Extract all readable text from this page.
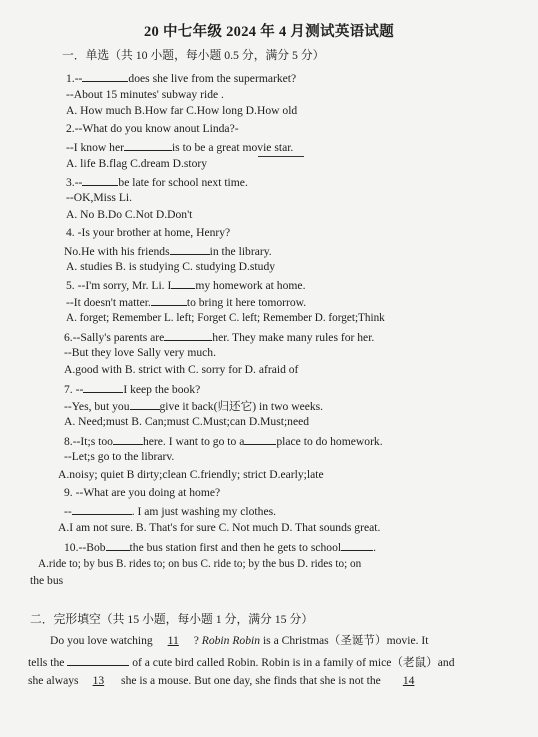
20 中七年级 2024 年 4 月测试英语试题
一．单选（共 10 小题，每小题 0.5 分，满分 5 分）
1.--	does she live from the supermarket?
--About 15 minutes' subway ride .
A. How much B.How far C.How long D.How old
2.--What do you know anout Linda?-
--I know her	is to be a great movie star.
A. life B.flag C.dream D.story
3.--	be late for school next time.
--OK,Miss Li.
A. No B.Do C.Not D.Don't
4. -Is your brother at home, Henry?
No.He with his friends	in the library.
A. studies B. is studying C. studying D.study
5. --I'm sorry, Mr. Li. I my homework at home.
--It doesn't matter.	to bring it here tomorrow.
A. forget; Remember L. left; Forget C. left; Remember D. forget;Think
6.--Sally's parents are	her. They make many rules for her.
--But they love Sally very much.
A.good with B. strict with C. sorry for D. afraid of
7. --	I keep the book?
--Yes, but you	give it back(归还它) in two weeks.
A. Need;must B. Can;must C.Must;can D.Must;need
8.--It;s too	here. I want to go to a	place to do homework.
--Let;s go to the librarv.
A.noisy; quiet B dirty;clean C.friendly; strict D.early;late
9. --What are you doing at home?
--	. I am just washing my clothes.
A.I am not sure. B. That's for sure C. Not much D. That sounds great.
10.--Bob the bus station first and then he gets to school	.
A.ride to; by bus B. rides to; on bus C. ride to; by the bus D. rides to; on
the bus
二．完形填空（共 15 小题，每小题 1 分，满分 15 分）
Do you love watching 11 ? Robin Robin is a Christmas（圣诞节）movie. It
tells the	of a cute bird called Robin. Robin is in a family of mice（老鼠）and
she always 13 she is a mouse. But one day, she finds that she is not the 14
